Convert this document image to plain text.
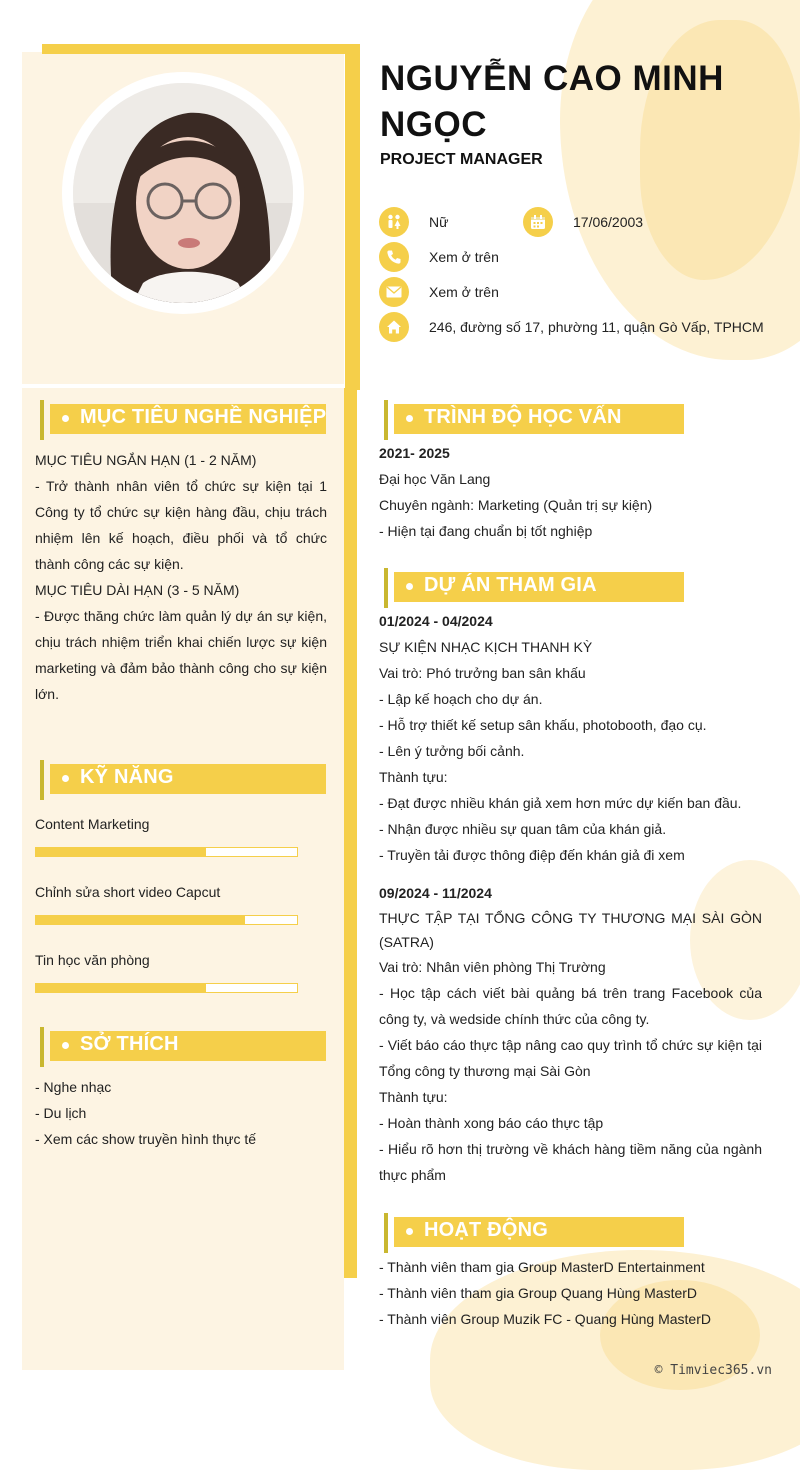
NGUYỄN CAO MINH NGỌC
PROJECT MANAGER
Nữ	17/06/2003
Xem ở trên
Xem ở trên
246, đường số 17, phường 11, quận Gò Vấp, TPHCM
MỤC TIÊU NGHỀ NGHIỆP

MỤC TIÊU NGẮN HẠN (1 - 2 NĂM)

- Trở thành nhân viên tổ chức sự kiện tại 1 Công ty tổ chức sự kiện hàng đầu, chịu trách nhiệm lên kế hoạch, điều phối và tổ chức thành công các sự kiện.

MỤC TIÊU DÀI HẠN (3 - 5 NĂM)

- Được thăng chức làm quản lý dự án sự kiện, chịu trách nhiệm triển khai chiến lược sự kiện marketing và đảm bảo thành công cho sự kiện lớn.

KỸ NĂNG
Content Marketing
Chỉnh sửa short video Capcut
Tin học văn phòng
SỞ THÍCH

- Nghe nhạc

- Du lịch

- Xem các show truyền hình thực tế

TRÌNH ĐỘ HỌC VẤN

2021- 2025

Đại học Văn Lang

Chuyên ngành: Marketing (Quản trị sự kiện)

- Hiện tại đang chuẩn bị tốt nghiệp

DỰ ÁN THAM GIA

01/2024 - 04/2024

SỰ KIỆN NHẠC KỊCH THANH KỲ

Vai trò: Phó trưởng ban sân khấu

- Lập kế hoạch cho dự án.

- Hỗ trợ thiết kế setup sân khấu, photobooth, đạo cụ.

- Lên ý tưởng bối cảnh.

Thành tựu:

- Đạt được nhiều khán giả xem hơn mức dự kiến ban đầu.

- Nhận được nhiều sự quan tâm của khán giả.

- Truyền tải được thông điệp đến khán giả đi xem

09/2024 - 11/2024

THỰC TẬP TẠI TỔNG CÔNG TY THƯƠNG MẠI SÀI GÒN (SATRA)

Vai trò: Nhân viên phòng Thị Trường

- Học tập cách viết bài quảng bá trên trang Facebook của công ty, và wedside chính thức của công ty.

- Viết báo cáo thực tập nâng cao quy trình tổ chức sự kiện tại Tổng công ty thương mại Sài Gòn

Thành tựu:

- Hoàn thành xong báo cáo thực tập

- Hiểu rõ hơn thị trường về khách hàng tiềm năng của ngành thực phẩm

HOẠT ĐỘNG

- Thành viên tham gia Group MasterD Entertainment

- Thành viên tham gia Group Quang Hùng MasterD

- Thành viên Group Muzik FC - Quang Hùng MasterD

© Timviec365.vn
